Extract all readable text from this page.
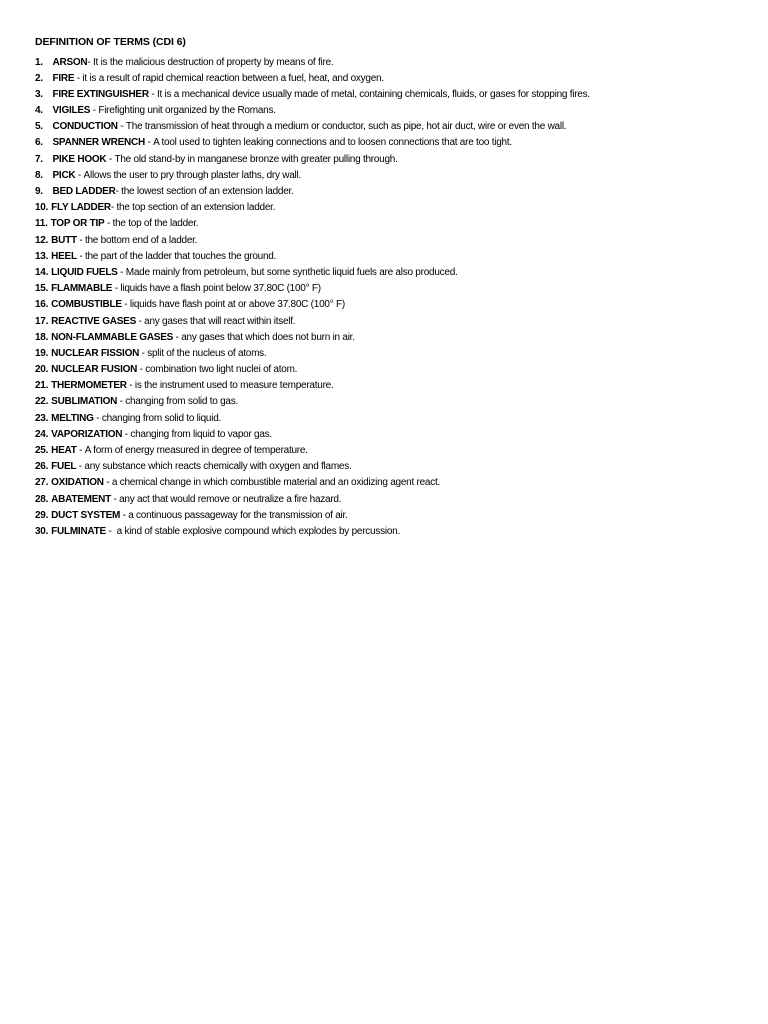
DEFINITION OF TERMS (CDI 6)
1. ARSON - It is the malicious destruction of property by means of fire.
2. FIRE - it is a result of rapid chemical reaction between a fuel, heat, and oxygen.
3. FIRE EXTINGUISHER - It is a mechanical device usually made of metal, containing chemicals, fluids, or gases for stopping fires.
4. VIGILES - Firefighting unit organized by the Romans.
5. CONDUCTION - The transmission of heat through a medium or conductor, such as pipe, hot air duct, wire or even the wall.
6. SPANNER WRENCH - A tool used to tighten leaking connections and to loosen connections that are too tight.
7. PIKE HOOK - The old stand-by in manganese bronze with greater pulling through.
8. PICK - Allows the user to pry through plaster laths, dry wall.
9. BED LADDER - the lowest section of an extension ladder.
10. FLY LADDER - the top section of an extension ladder.
11. TOP OR TIP - the top of the ladder.
12. BUTT - the bottom end of a ladder.
13. HEEL - the part of the ladder that touches the ground.
14. LIQUID FUELS - Made mainly from petroleum, but some synthetic liquid fuels are also produced.
15. FLAMMABLE - liquids have a flash point below 37.80C (100° F)
16. COMBUSTIBLE - liquids have flash point at or above 37.80C (100° F)
17. REACTIVE GASES - any gases that will react within itself.
18. NON-FLAMMABLE GASES - any gases that which does not burn in air.
19. NUCLEAR FISSION - split of the nucleus of atoms.
20. NUCLEAR FUSION - combination two light nuclei of atom.
21. THERMOMETER - is the instrument used to measure temperature.
22. SUBLIMATION - changing from solid to gas.
23. MELTING - changing from solid to liquid.
24. VAPORIZATION - changing from liquid to vapor gas.
25. HEAT - A form of energy measured in degree of temperature.
26. FUEL - any substance which reacts chemically with oxygen and flames.
27. OXIDATION - a chemical change in which combustible material and an oxidizing agent react.
28. ABATEMENT - any act that would remove or neutralize a fire hazard.
29. DUCT SYSTEM - a continuous passageway for the transmission of air.
30. FULMINATE - a kind of stable explosive compound which explodes by percussion.
